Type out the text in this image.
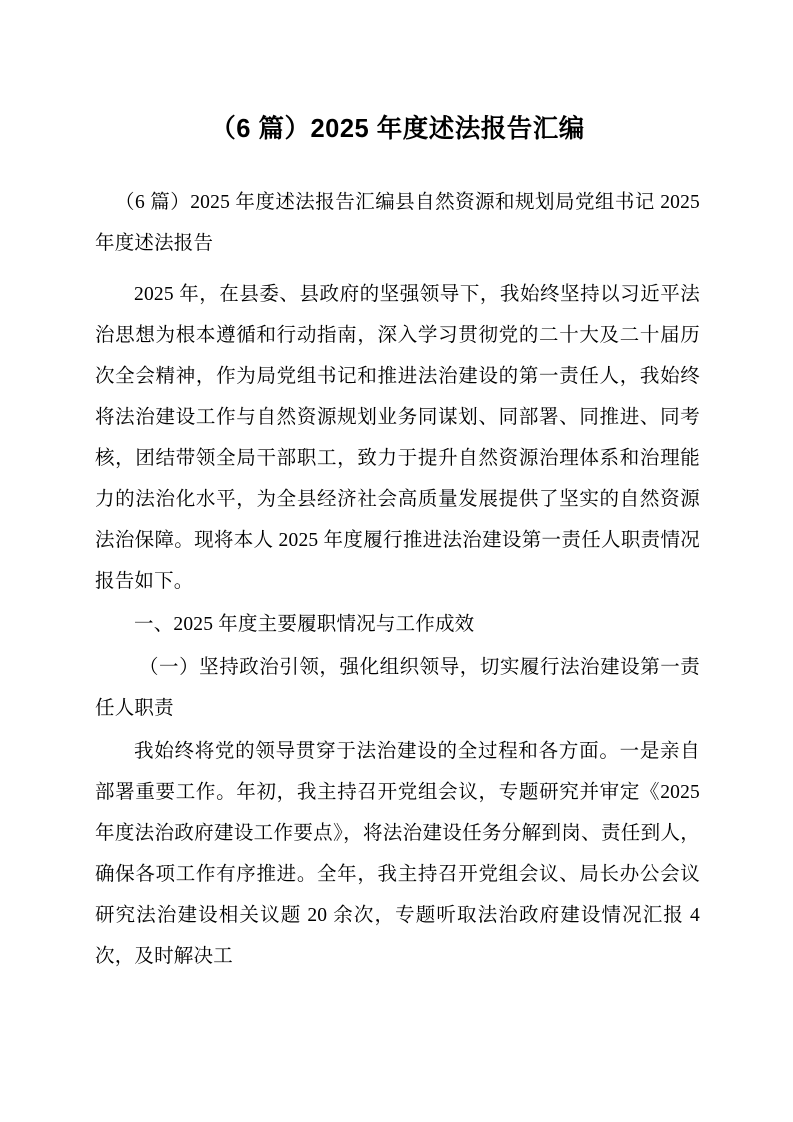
（6 篇）2025 年度述法报告汇编

（6 篇）2025 年度述法报告汇编县自然资源和规划局党组书记 2025 年度述法报告

2025 年，在县委、县政府的坚强领导下，我始终坚持以习近平法治思想为根本遵循和行动指南，深入学习贯彻党的二十大及二十届历次全会精神，作为局党组书记和推进法治建设的第一责任人，我始终将法治建设工作与自然资源规划业务同谋划、同部署、同推进、同考核，团结带领全局干部职工，致力于提升自然资源治理体系和治理能力的法治化水平，为全县经济社会高质量发展提供了坚实的自然资源法治保障。现将本人 2025 年度履行推进法治建设第一责任人职责情况报告如下。

一、2025 年度主要履职情况与工作成效

（一）坚持政治引领，强化组织领导，切实履行法治建设第一责任人职责

我始终将党的领导贯穿于法治建设的全过程和各方面。一是亲自部署重要工作。年初，我主持召开党组会议，专题研究并审定《2025 年度法治政府建设工作要点》，将法治建设任务分解到岗、责任到人，确保各项工作有序推进。全年，我主持召开党组会议、局长办公会议研究法治建设相关议题 20 余次，专题听取法治政府建设情况汇报 4 次，及时解决工
